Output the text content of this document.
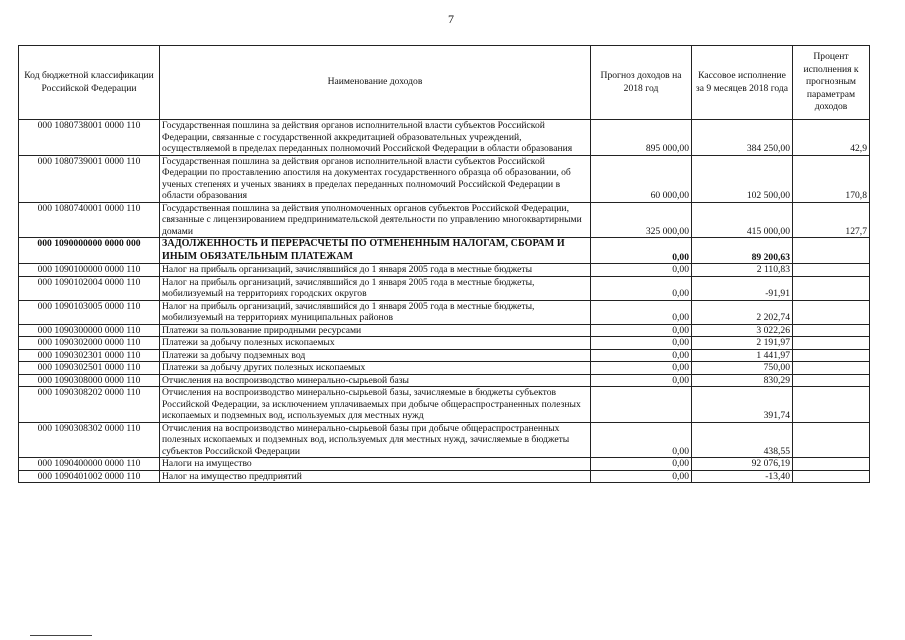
7
Код бюджетной классификации Российской Федерации	Наименование доходов	Прогноз доходов на 2018 год	Кассовое исполнение за 9 месяцев 2018 года	Процент исполнения к прогнозным параметрам доходов
000 1080738001 0000 110	Государственная пошлина за действия органов исполнительной власти субъектов Российской Федерации, связанные с государственной аккредитацией образовательных учреждений, осуществляемой в пределах переданных полномочий Российской Федерации в области образования	895 000,00	384 250,00	42,9
000 1080739001 0000 110	Государственная пошлина за действия органов исполнительной власти субъектов Российской Федерации по проставлению апостиля на документах государственного образца об образовании, об ученых степенях и ученых званиях в пределах переданных полномочий Российской Федерации в области образования	60 000,00	102 500,00	170,8
000 1080740001 0000 110	Государственная пошлина за действия уполномоченных органов субъектов Российской Федерации, связанные с лицензированием предпринимательской деятельности по управлению многоквартирными домами	325 000,00	415 000,00	127,7
000 1090000000 0000 000	ЗАДОЛЖЕННОСТЬ И ПЕРЕРАСЧЕТЫ ПО ОТМЕНЕННЫМ НАЛОГАМ, СБОРАМ И ИНЫМ ОБЯЗАТЕЛЬНЫМ ПЛАТЕЖАМ	0,00	89 200,63	
000 1090100000 0000 110	Налог на прибыль организаций, зачислявшийся до 1 января 2005 года в местные бюджеты	0,00	2 110,83	
000 1090102004 0000 110	Налог на прибыль организаций, зачислявшийся до 1 января 2005 года в местные бюджеты, мобилизуемый на территориях городских округов	0,00	-91,91	
000 1090103005 0000 110	Налог на прибыль организаций, зачислявшийся до 1 января 2005 года в местные бюджеты, мобилизуемый на территориях муниципальных районов	0,00	2 202,74	
000 1090300000 0000 110	Платежи за пользование природными ресурсами	0,00	3 022,26	
000 1090302000 0000 110	Платежи за добычу полезных ископаемых	0,00	2 191,97	
000 1090302301 0000 110	Платежи за добычу подземных вод	0,00	1 441,97	
000 1090302501 0000 110	Платежи за добычу других полезных ископаемых	0,00	750,00	
000 1090308000 0000 110	Отчисления на воспроизводство минерально-сырьевой базы	0,00	830,29	
000 1090308202 0000 110	Отчисления на воспроизводство минерально-сырьевой базы, зачисляемые в бюджеты субъектов Российской Федерации, за исключением уплачиваемых при добыче общераспространенных полезных ископаемых и подземных вод, используемых для местных нужд		391,74	
000 1090308302 0000 110	Отчисления на воспроизводство минерально-сырьевой базы при добыче общераспространенных полезных ископаемых и подземных вод, используемых для местных нужд, зачисляемые в бюджеты субъектов Российской Федерации	0,00	438,55	
000 1090400000 0000 110	Налоги на имущество	0,00	92 076,19	
000 1090401002 0000 110	Налог на имущество предприятий	0,00	-13,40	
